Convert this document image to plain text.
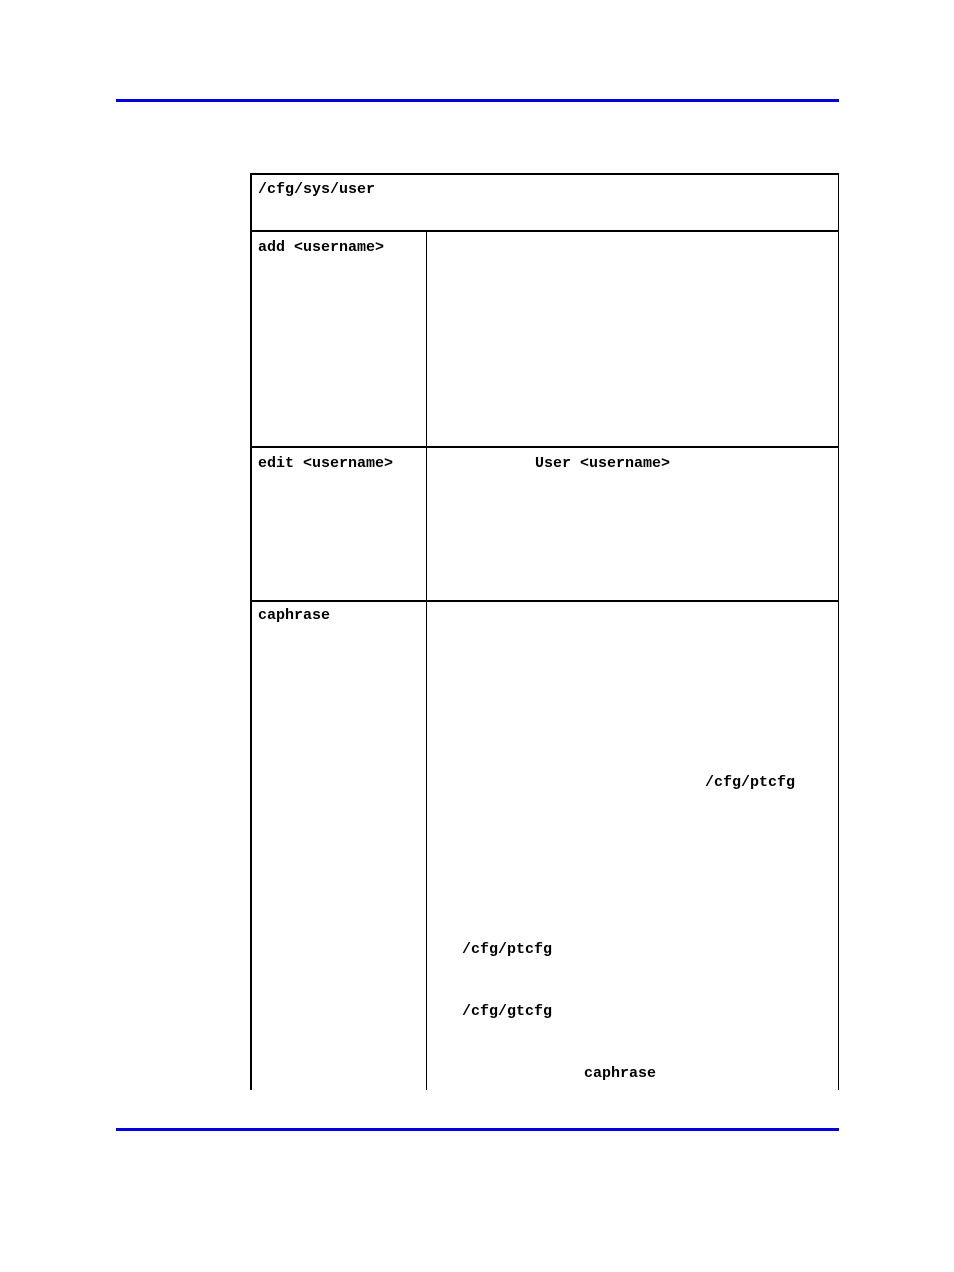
/cfg/sys/user
add <username>
edit <username>	User <username>
caphrase
/cfg/ptcfg
/cfg/ptcfg
/cfg/gtcfg
caphrase
